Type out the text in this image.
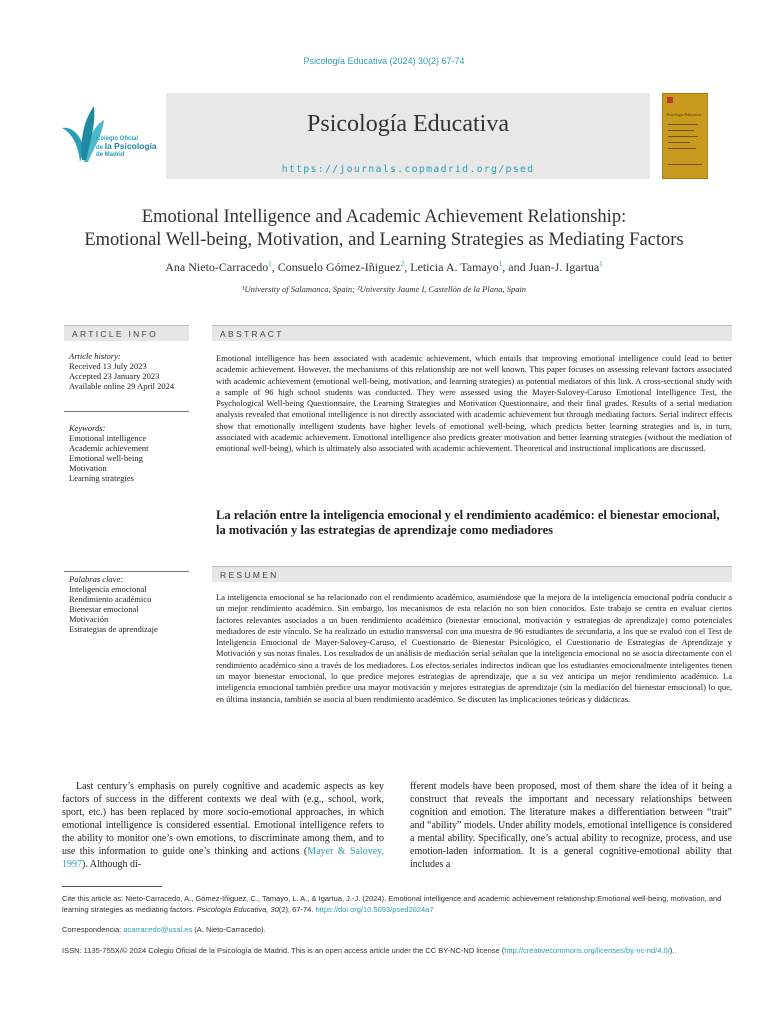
Psicología Educativa (2024) 30(2) 67-74
Colegio Oficial
de la Psicología
de Madrid
Psicología Educativa
https://journals.copmadrid.org/psed
Psicología Educativa
Emotional Intelligence and Academic Achievement Relationship:
Emotional Well-being, Motivation, and Learning Strategies as Mediating Factors
Ana Nieto-Carracedo$^1$, Consuelo Gómez-Iñiguez$^2$, Leticia A. Tamayo$^1$, and Juan-J. Igartua$^1$
¹University of Salamanca, Spain; ²University Jaume I, Castellón de la Plana, Spain
ARTICLE INFO	ABSTRACT
Article history:
Received 13 July 2023
Accepted 23 January 2023
Available online 29 April 2024
Keywords:
Emotional intelligence
Academic achievement
Emotional well-being
Motivation
Learning strategies
Emotional intelligence has been associated with academic achievement, which entails that improving emotional intelligence could lead to better academic achievement. However, the mechanisms of this relationship are not well known. This paper focuses on assessing relevant factors associated with academic achievement (emotional well-being, motivation, and learning strategies) as potential mediators of this link. A cross-sectional study with a sample of 96 high school students was conducted. They were assessed using the Mayer-Salovey-Caruso Emotional Intelligence Test, the Psychological Well-being Questionnaire, the Learning Strategies and Motivation Questionnaire, and their final grades. Results of a serial mediation analysis revealed that emotional intelligence is not directly associated with academic achievement but through mediating factors. Serial indirect effects show that emotionally intelligent students have higher levels of emotional well-being, which predicts better learning strategies and is, in turn, associated with academic achievement. Emotional intelligence also predicts greater motivation and better learning strategies (without the mediation of emotional well-being), which is ultimately also associated with academic achievement. Theoretical and instructional implications are discussed.
La relación entre la inteligencia emocional y el rendimiento académico: el bienestar emocional, la motivación y las estrategias de aprendizaje como mediadores
Palabras clave:
Inteligencia emocional
Rendimiento académico
Bienestar emocional
Motivación
Estrategias de aprendizaje
RESUMEN
La inteligencia emocional se ha relacionado con el rendimiento académico, asumiéndose que la mejora de la inteligencia emocional podría conducir a un mejor rendimiento académico. Sin embargo, los mecanismos de esta relación no son bien conocidos. Este trabajo se centra en evaluar ciertos factores relevantes asociados a un buen rendimiento académico (bienestar emocional, motivación y estrategias de aprendizaje) como potenciales mediadores de este vínculo. Se ha realizado un estudio transversal con una muestra de 96 estudiantes de secundaria, a los que se evaluó con el Test de Inteligencia Emocional de Mayer-Salovey-Caruso, el Cuestionario de Bienestar Psicológico, el Cuestionario de Estrategias de Aprendizaje y Motivación y sus notas finales. Los resultados de un análisis de mediación serial señalan que la inteligencia emocional no se asocia directamente con el rendimiento académico sino a través de los mediadores. Los efectos seriales indirectos indican que los estudiantes emocionalmente inteligentes tienen un mayor bienestar emocional, lo que predice mejores estrategias de aprendizaje, que a su vez anticipa un mejor rendimiento académico. La inteligencia emocional también predice una mayor motivación y mejores estrategias de aprendizaje (sin la mediación del bienestar emocional) lo que, en última instancia, también se asocia al buen rendimiento académico. Se discuten las implicaciones teóricas y didácticas.
Last century’s emphasis on purely cognitive and academic aspects as key factors of success in the different contexts we deal with (e.g., school, work, sport, etc.) has been replaced by more socio-emotional approaches, in which emotional intelligence is considered essential. Emotional intelligence refers to the ability to monitor one’s own emotions, to discriminate among them, and to use this information to guide one’s thinking and actions (Mayer & Salovey, 1997). Although di-
fferent models have been proposed, most of them share the idea of it being a construct that reveals the important and necessary relationships between cognition and emotion. The literature makes a differentiation between “trait” and “ability” models. Under ability models, emotional intelligence is considered a mental ability. Specifically, one’s actual ability to recognize, process, and use emotion-laden information. It is a general cognitive-emotional ability that includes a
Cite this article as: Nieto-Carracedo, A., Gómez-Iñiguez, C., Tamayo, L. A., & Igartua, J.-J. (2024). Emotional intelligence and academic achievement relationship:Emotional well-being, motivation, and learning strategies as mediating factors. Psicología Educativa, 30(2), 67-74. https://doi.org/10.5093/psed2024a7
Correspondencia: acarracedo@usal.es (A. Nieto-Carracedo).
ISSN: 1135-755X/© 2024 Colegio Oficial de la Psicología de Madrid. This is an open access article under the CC BY-NC-ND license (http://creativecommons.org/licenses/by-nc-nd/4.0/).
